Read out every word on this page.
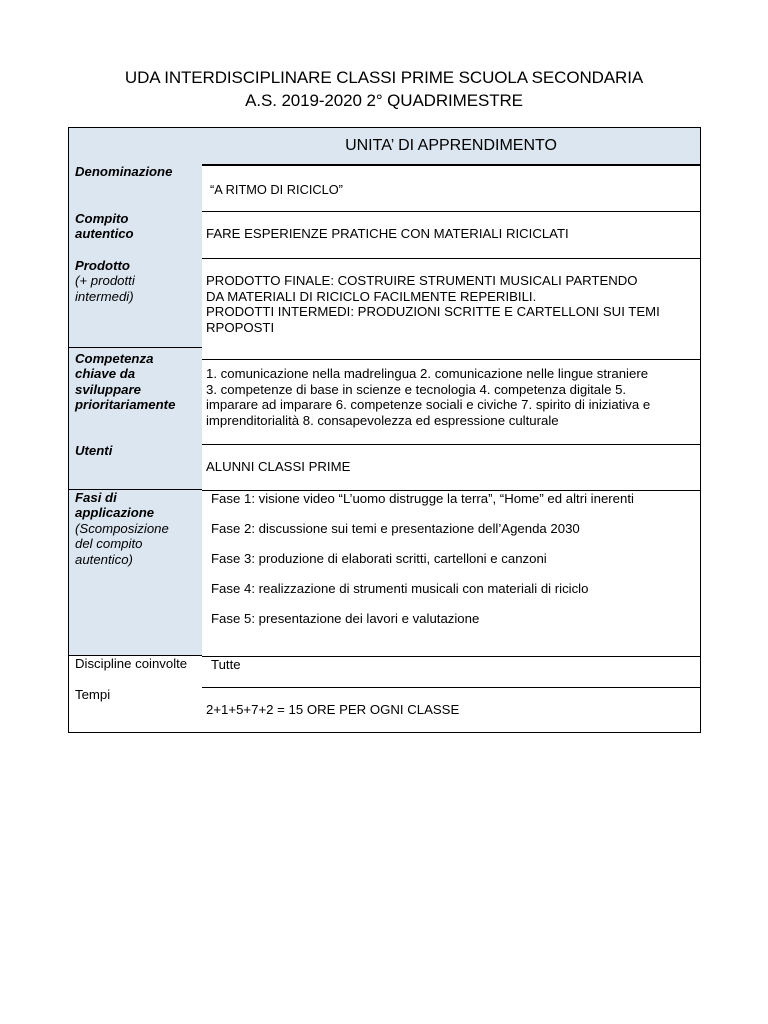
UDA INTERDISCIPLINARE CLASSI PRIME SCUOLA SECONDARIA
A.S. 2019-2020 2° QUADRIMESTRE
Denominazione
Compito
autentico
Prodotto
(+ prodotti
intermedi)
Competenza
chiave da
sviluppare
prioritariamente
Utenti
Fasi di
applicazione
(Scomposizione
del compito
autentico)
Discipline coinvolte
Tempi
UNITA’ DI APPRENDIMENTO
“A RITMO DI RICICLO”
FARE ESPERIENZE PRATICHE CON MATERIALI RICICLATI
PRODOTTO FINALE: COSTRUIRE STRUMENTI MUSICALI PARTENDO
DA MATERIALI DI RICICLO FACILMENTE REPERIBILI.
PRODOTTI INTERMEDI: PRODUZIONI SCRITTE E CARTELLONI SUI TEMI
RPOPOSTI
1. comunicazione nella madrelingua 2. comunicazione nelle lingue straniere
3. competenze di base in scienze e tecnologia 4. competenza digitale 5.
imparare ad imparare 6. competenze sociali e civiche 7. spirito di iniziativa e
imprenditorialità 8. consapevolezza ed espressione culturale
ALUNNI CLASSI PRIME
Fase 1: visione video “L’uomo distrugge la terra”, “Home” ed altri inerenti
Fase 2: discussione sui temi e presentazione dell’Agenda 2030
Fase 3: produzione di elaborati scritti, cartelloni e canzoni
Fase 4: realizzazione di strumenti musicali con materiali di riciclo
Fase 5: presentazione dei lavori e valutazione
Tutte
2+1+5+7+2 = 15 ORE PER OGNI CLASSE
